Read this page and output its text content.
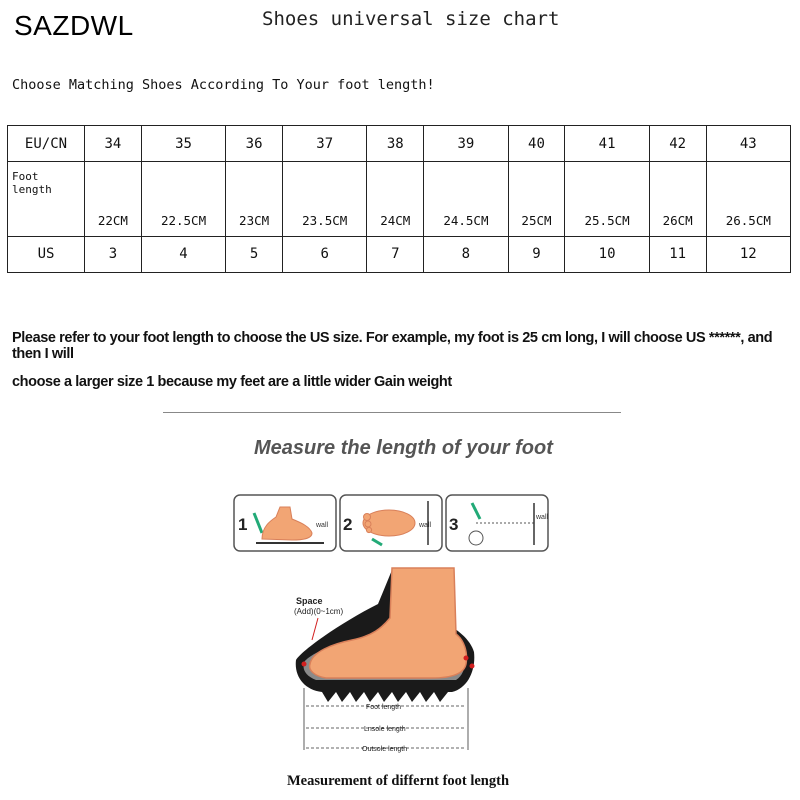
SAZDWL	Shoes universal size chart
Choose Matching Shoes According To Your foot length!
EU/CN	34	35	36	37	38	39	40	41	42	43
Foot length	22CM	22.5CM	23CM	23.5CM	24CM	24.5CM	25CM	25.5CM	26CM	26.5CM
US	3	4	5	6	7	8	9	10	11	12
Please refer to your foot length to choose the US size. For example, my foot is 25 cm long, I will choose US ******, and then I will
choose a larger size 1 because my feet are a little wider Gain weight
Measure the length of your foot
1	wall 2	wall 3	wall
Space
(Add)(0~1cm)
Foot length
Lnsole length
Outsole length
Measurement of differnt foot length
